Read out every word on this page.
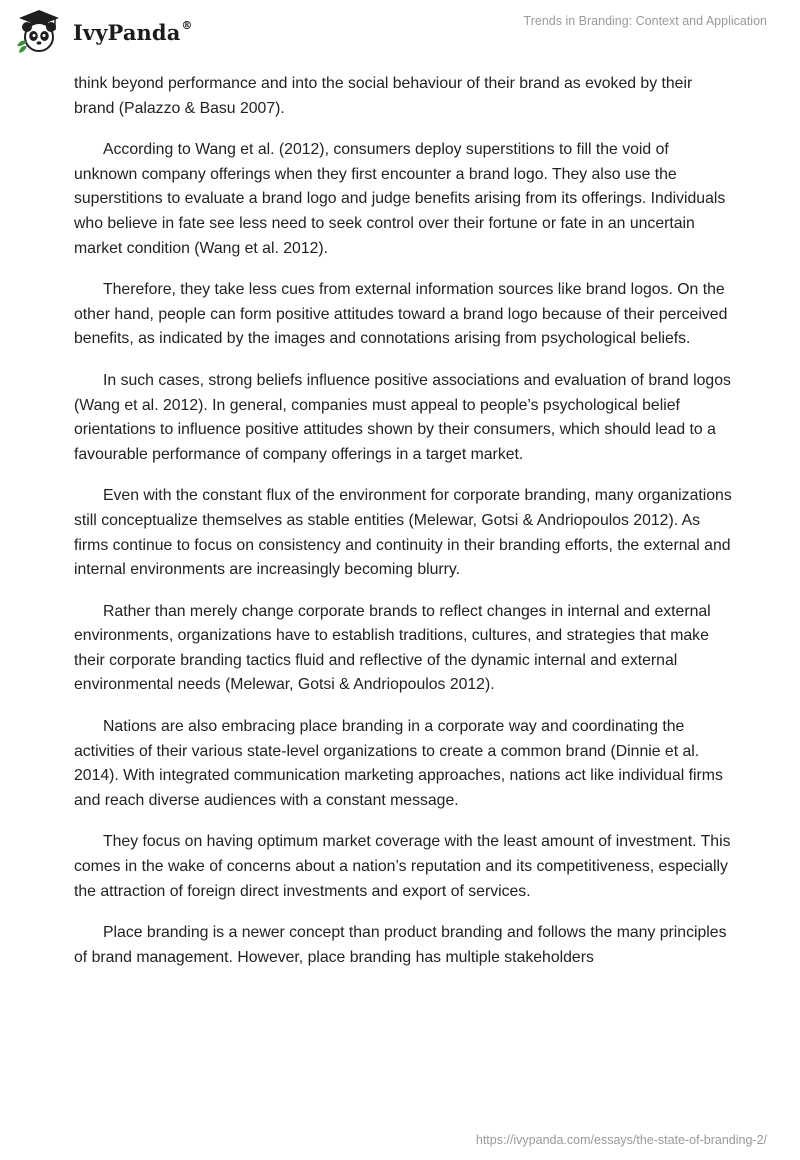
IvyPanda®	Trends in Branding: Context and Application

think beyond performance and into the social behaviour of their brand as evoked by their brand (Palazzo & Basu 2007).

According to Wang et al. (2012), consumers deploy superstitions to fill the void of unknown company offerings when they first encounter a brand logo. They also use the superstitions to evaluate a brand logo and judge benefits arising from its offerings. Individuals who believe in fate see less need to seek control over their fortune or fate in an uncertain market condition (Wang et al. 2012).

Therefore, they take less cues from external information sources like brand logos. On the other hand, people can form positive attitudes toward a brand logo because of their perceived benefits, as indicated by the images and connotations arising from psychological beliefs.

In such cases, strong beliefs influence positive associations and evaluation of brand logos (Wang et al. 2012). In general, companies must appeal to people’s psychological belief orientations to influence positive attitudes shown by their consumers, which should lead to a favourable performance of company offerings in a target market.

Even with the constant flux of the environment for corporate branding, many organizations still conceptualize themselves as stable entities (Melewar, Gotsi & Andriopoulos 2012). As firms continue to focus on consistency and continuity in their branding efforts, the external and internal environments are increasingly becoming blurry.

Rather than merely change corporate brands to reflect changes in internal and external environments, organizations have to establish traditions, cultures, and strategies that make their corporate branding tactics fluid and reflective of the dynamic internal and external environmental needs (Melewar, Gotsi & Andriopoulos 2012).

Nations are also embracing place branding in a corporate way and coordinating the activities of their various state-level organizations to create a common brand (Dinnie et al. 2014). With integrated communication marketing approaches, nations act like individual firms and reach diverse audiences with a constant message.

They focus on having optimum market coverage with the least amount of investment. This comes in the wake of concerns about a nation’s reputation and its competitiveness, especially the attraction of foreign direct investments and export of services.

Place branding is a newer concept than product branding and follows the many principles of brand management. However, place branding has multiple stakeholders

https://ivypanda.com/essays/the-state-of-branding-2/
